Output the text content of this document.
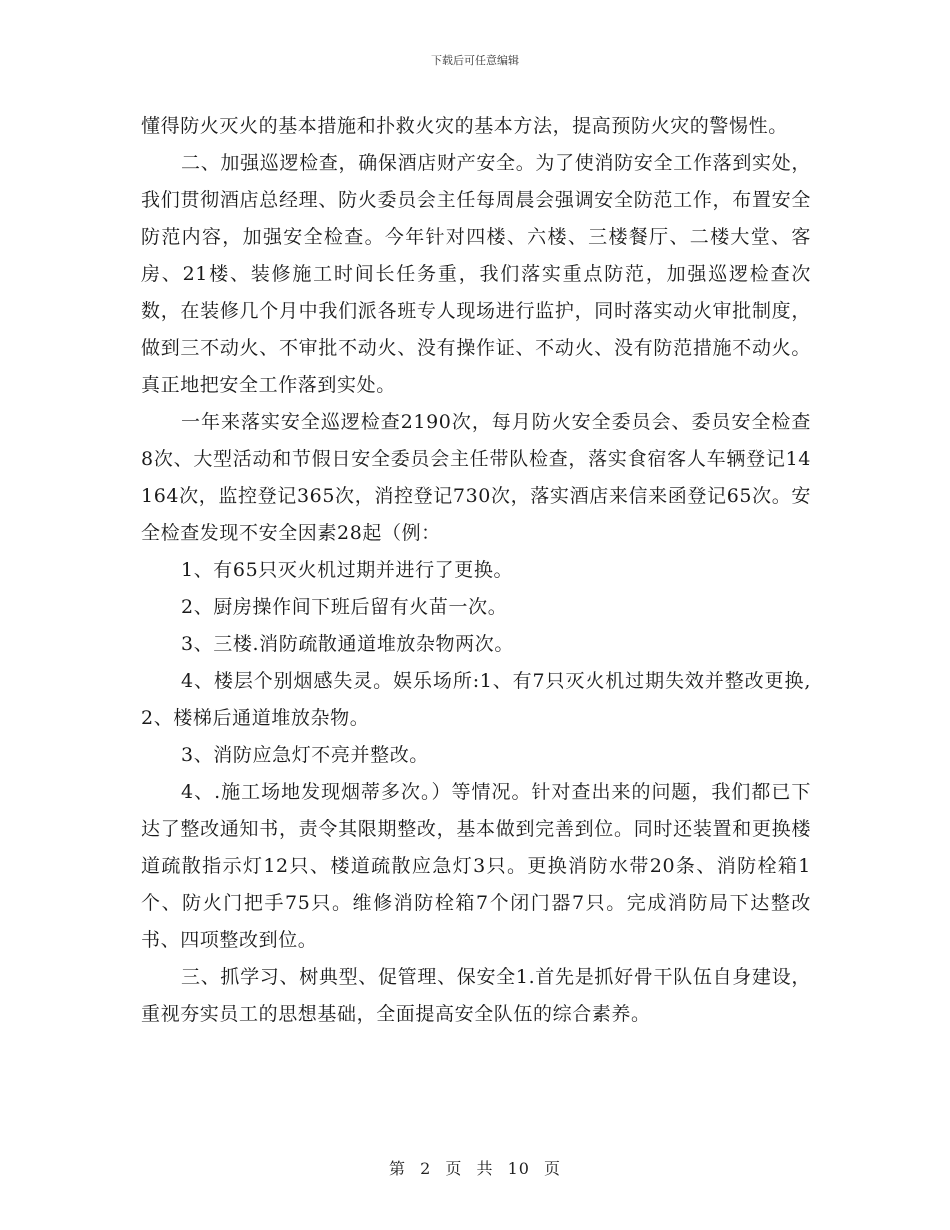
下载后可任意编辑

懂得防火灭火的基本措施和扑救火灾的基本方法，提高预防火灾的警惕性。

二、加强巡逻检查，确保酒店财产安全。为了使消防安全工作落到实处，我们贯彻酒店总经理、防火委员会主任每周晨会强调安全防范工作，布置安全防范内容，加强安全检查。今年针对四楼、六楼、三楼餐厅、二楼大堂、客房、21楼、装修施工时间长任务重，我们落实重点防范，加强巡逻检查次数，在装修几个月中我们派各班专人现场进行监护，同时落实动火审批制度，做到三不动火、不审批不动火、没有操作证、不动火、没有防范措施不动火。真正地把安全工作落到实处。

一年来落实安全巡逻检查2190次，每月防火安全委员会、委员安全检查8次、大型活动和节假日安全委员会主任带队检查，落实食宿客人车辆登记14164次，监控登记365次，消控登记730次，落实酒店来信来函登记65次。安全检查发现不安全因素28起（例：

1、有65只灭火机过期并进行了更换。

2、厨房操作间下班后留有火苗一次。

3、三楼.消防疏散通道堆放杂物两次。

4、楼层个别烟感失灵。娱乐场所:1、有7只灭火机过期失效并整改更换,2、楼梯后通道堆放杂物。

3、消防应急灯不亮并整改。

4、.施工场地发现烟蒂多次。）等情况。针对查出来的问题，我们都已下达了整改通知书，责令其限期整改，基本做到完善到位。同时还装置和更换楼道疏散指示灯12只、楼道疏散应急灯3只。更换消防水带20条、消防栓箱1个、防火门把手75只。维修消防栓箱7个闭门器7只。完成消防局下达整改书、四项整改到位。

三、抓学习、树典型、促管理、保安全1.首先是抓好骨干队伍自身建设，重视夯实员工的思想基础，全面提高安全队伍的综合素养。

第 2 页 共 10 页
